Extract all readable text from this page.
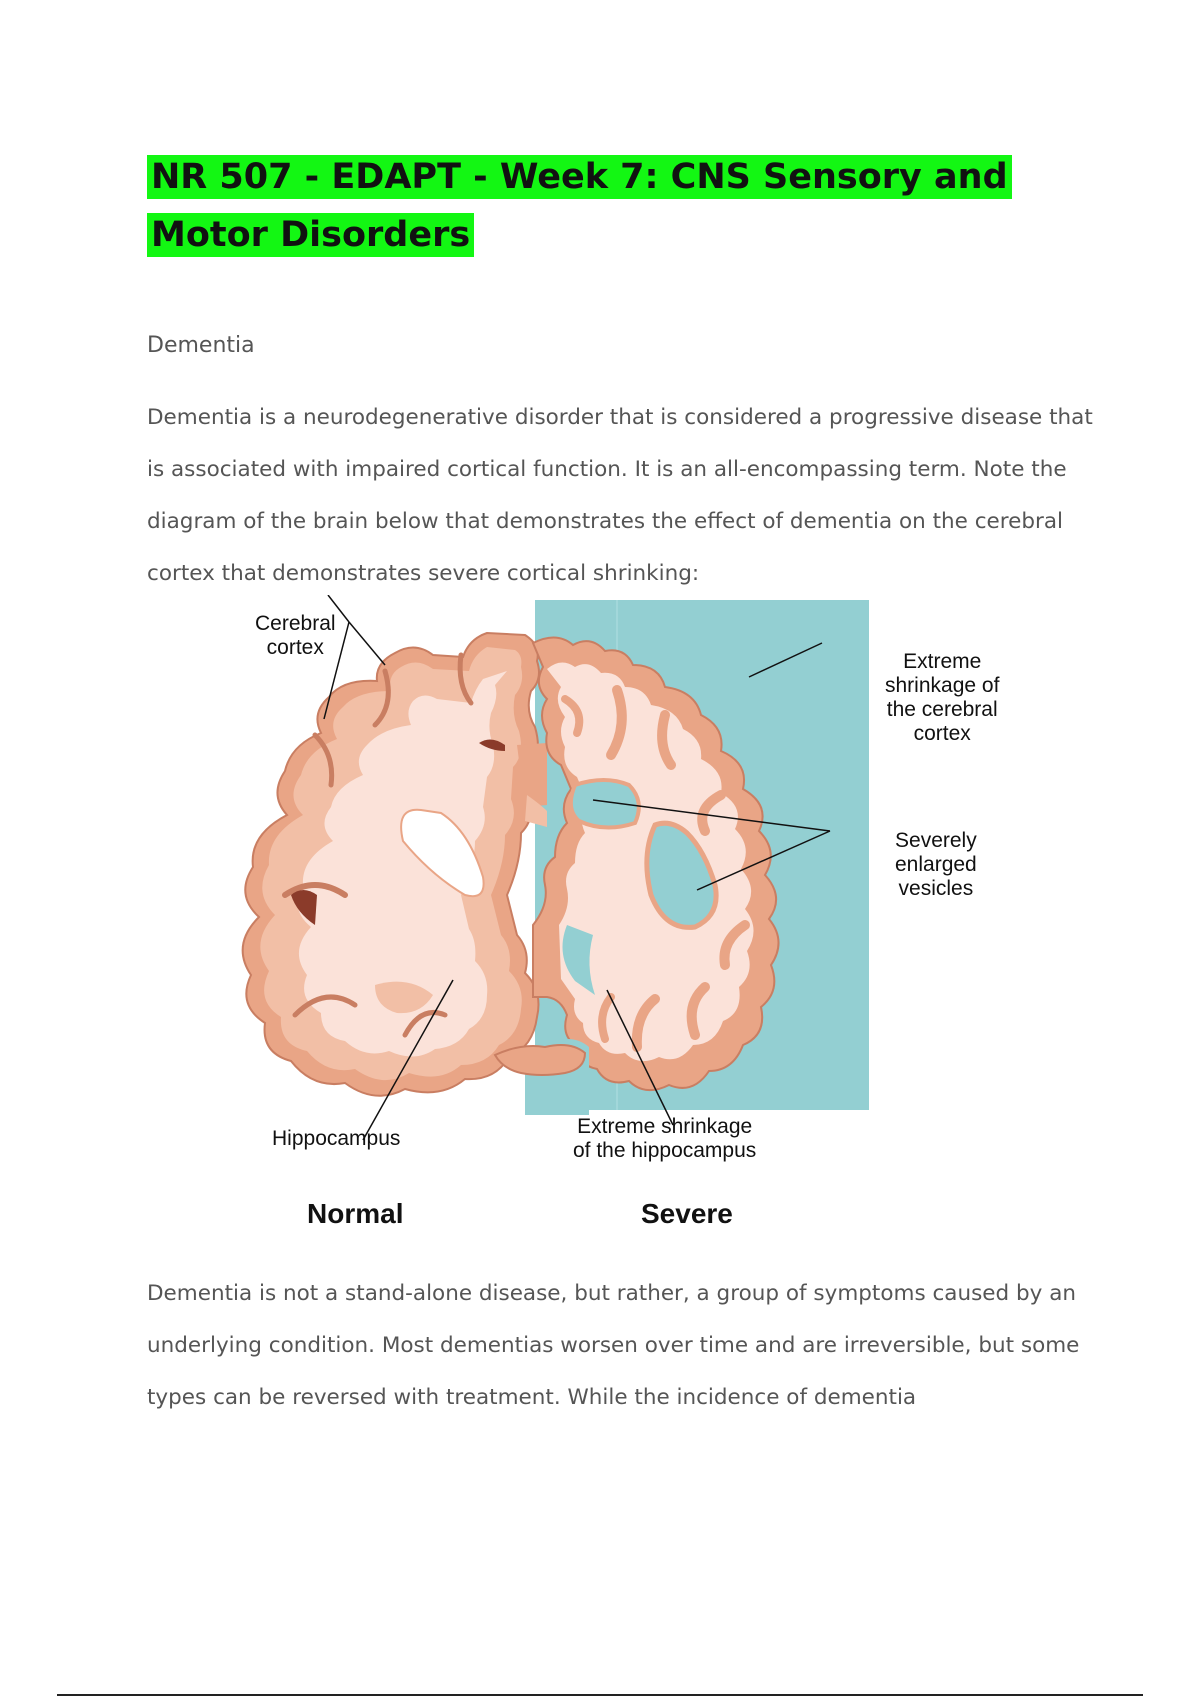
NR 507 - EDAPT - Week 7: CNS Sensory and Motor Disorders
Dementia

Dementia is a neurodegenerative disorder that is considered a progressive disease that is associated with impaired cortical function. It is an all-encompassing term. Note the diagram of the brain below that demonstrates the effect of dementia on the cerebral cortex that demonstrates severe cortical shrinking:

Cerebral
cortex
Extreme
shrinkage of
the cerebral
cortex
Severely
enlarged
vesicles
Hippocampus
Extreme shrinkage
of the hippocampus
Normal	Severe

Dementia is not a stand-alone disease, but rather, a group of symptoms caused by an underlying condition. Most dementias worsen over time and are irreversible, but some types can be reversed with treatment. While the incidence of dementia
